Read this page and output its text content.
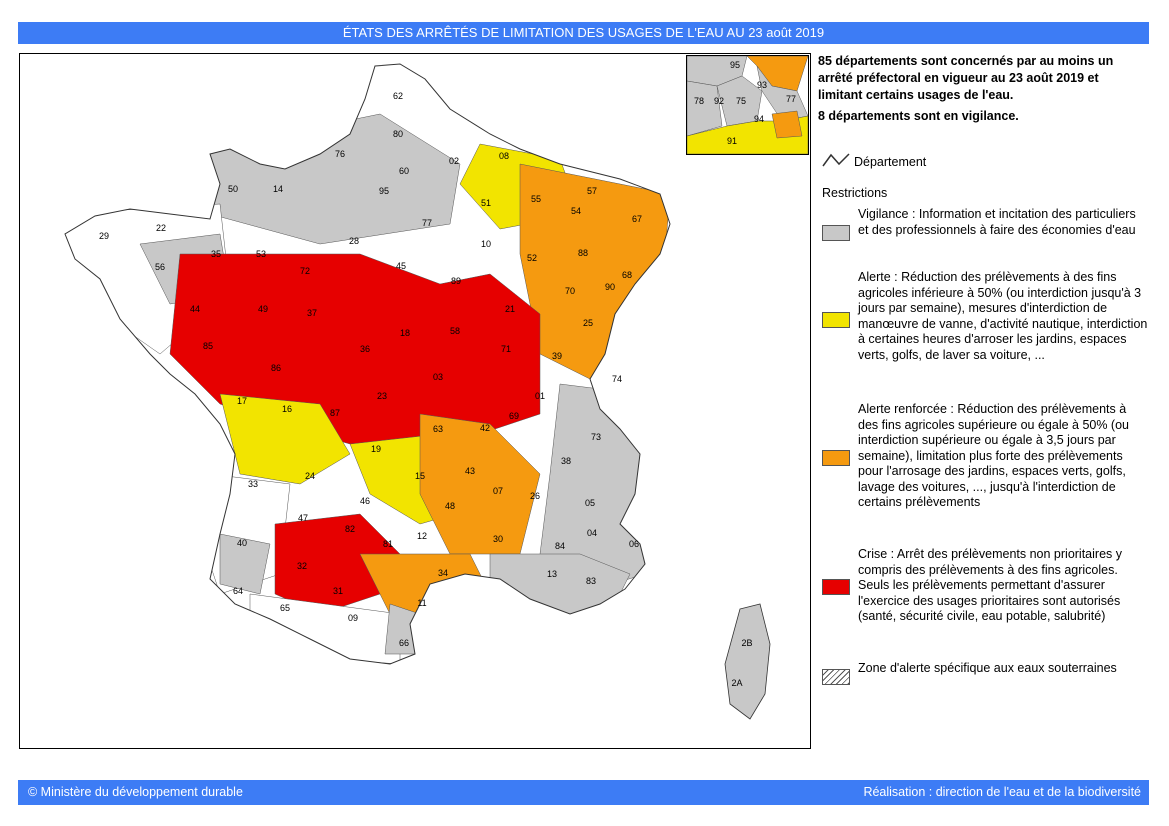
ÉTATS DES ARRÊTÉS DE LIMITATION DES USAGES DE L'EAU AU 23 août 2019
62
80
02
76
60
08
50	14	95
51	55
57
67
29
22	77
10
54
35	53
72	45
52	88
68
56
28
89
21
70	90
25
44
85
49
18	58
71
39
86
37
36
03
01
74
87
23
63	42
69
73
19
17
16
15	43
07	26
38
05
33
24
46	48
30
84
04
06
40
47
82
81
34	13
83
32
31
11
65
09
66	2B
2A
64
12
95
93
78 92 75	77
94
91
85 départements sont concernés par au moins un arrêté préfectoral en vigueur au 23 août 2019 et limitant certains usages de l'eau.
8 départements sont en vigilance.
Département
Restrictions
Vigilance : Information et incitation des particuliers et des professionnels à faire des économies d'eau
Alerte : Réduction des prélèvements à des fins agricoles inférieure à 50% (ou interdiction jusqu'à 3 jours par semaine), mesures d'interdiction de manœuvre de vanne, d'activité nautique, interdiction à certaines heures d'arroser les jardins, espaces verts, golfs, de laver sa voiture, ...
Alerte renforcée : Réduction des prélèvements à des fins agricoles supérieure ou égale à 50% (ou interdiction supérieure ou égale à 3,5 jours par semaine), limitation plus forte des prélèvements pour l'arrosage des jardins, espaces verts, golfs, lavage des voitures, ..., jusqu'à l'interdiction de certains prélèvements
Crise : Arrêt des prélèvements non prioritaires y compris des prélèvements à des fins agricoles. Seuls les prélèvements permettant d'assurer l'exercice des usages prioritaires sont autorisés (santé, sécurité civile, eau potable, salubrité)
Zone d'alerte spécifique aux eaux souterraines
© Ministère du développement durable	Réalisation : direction de l'eau et de la biodiversité
